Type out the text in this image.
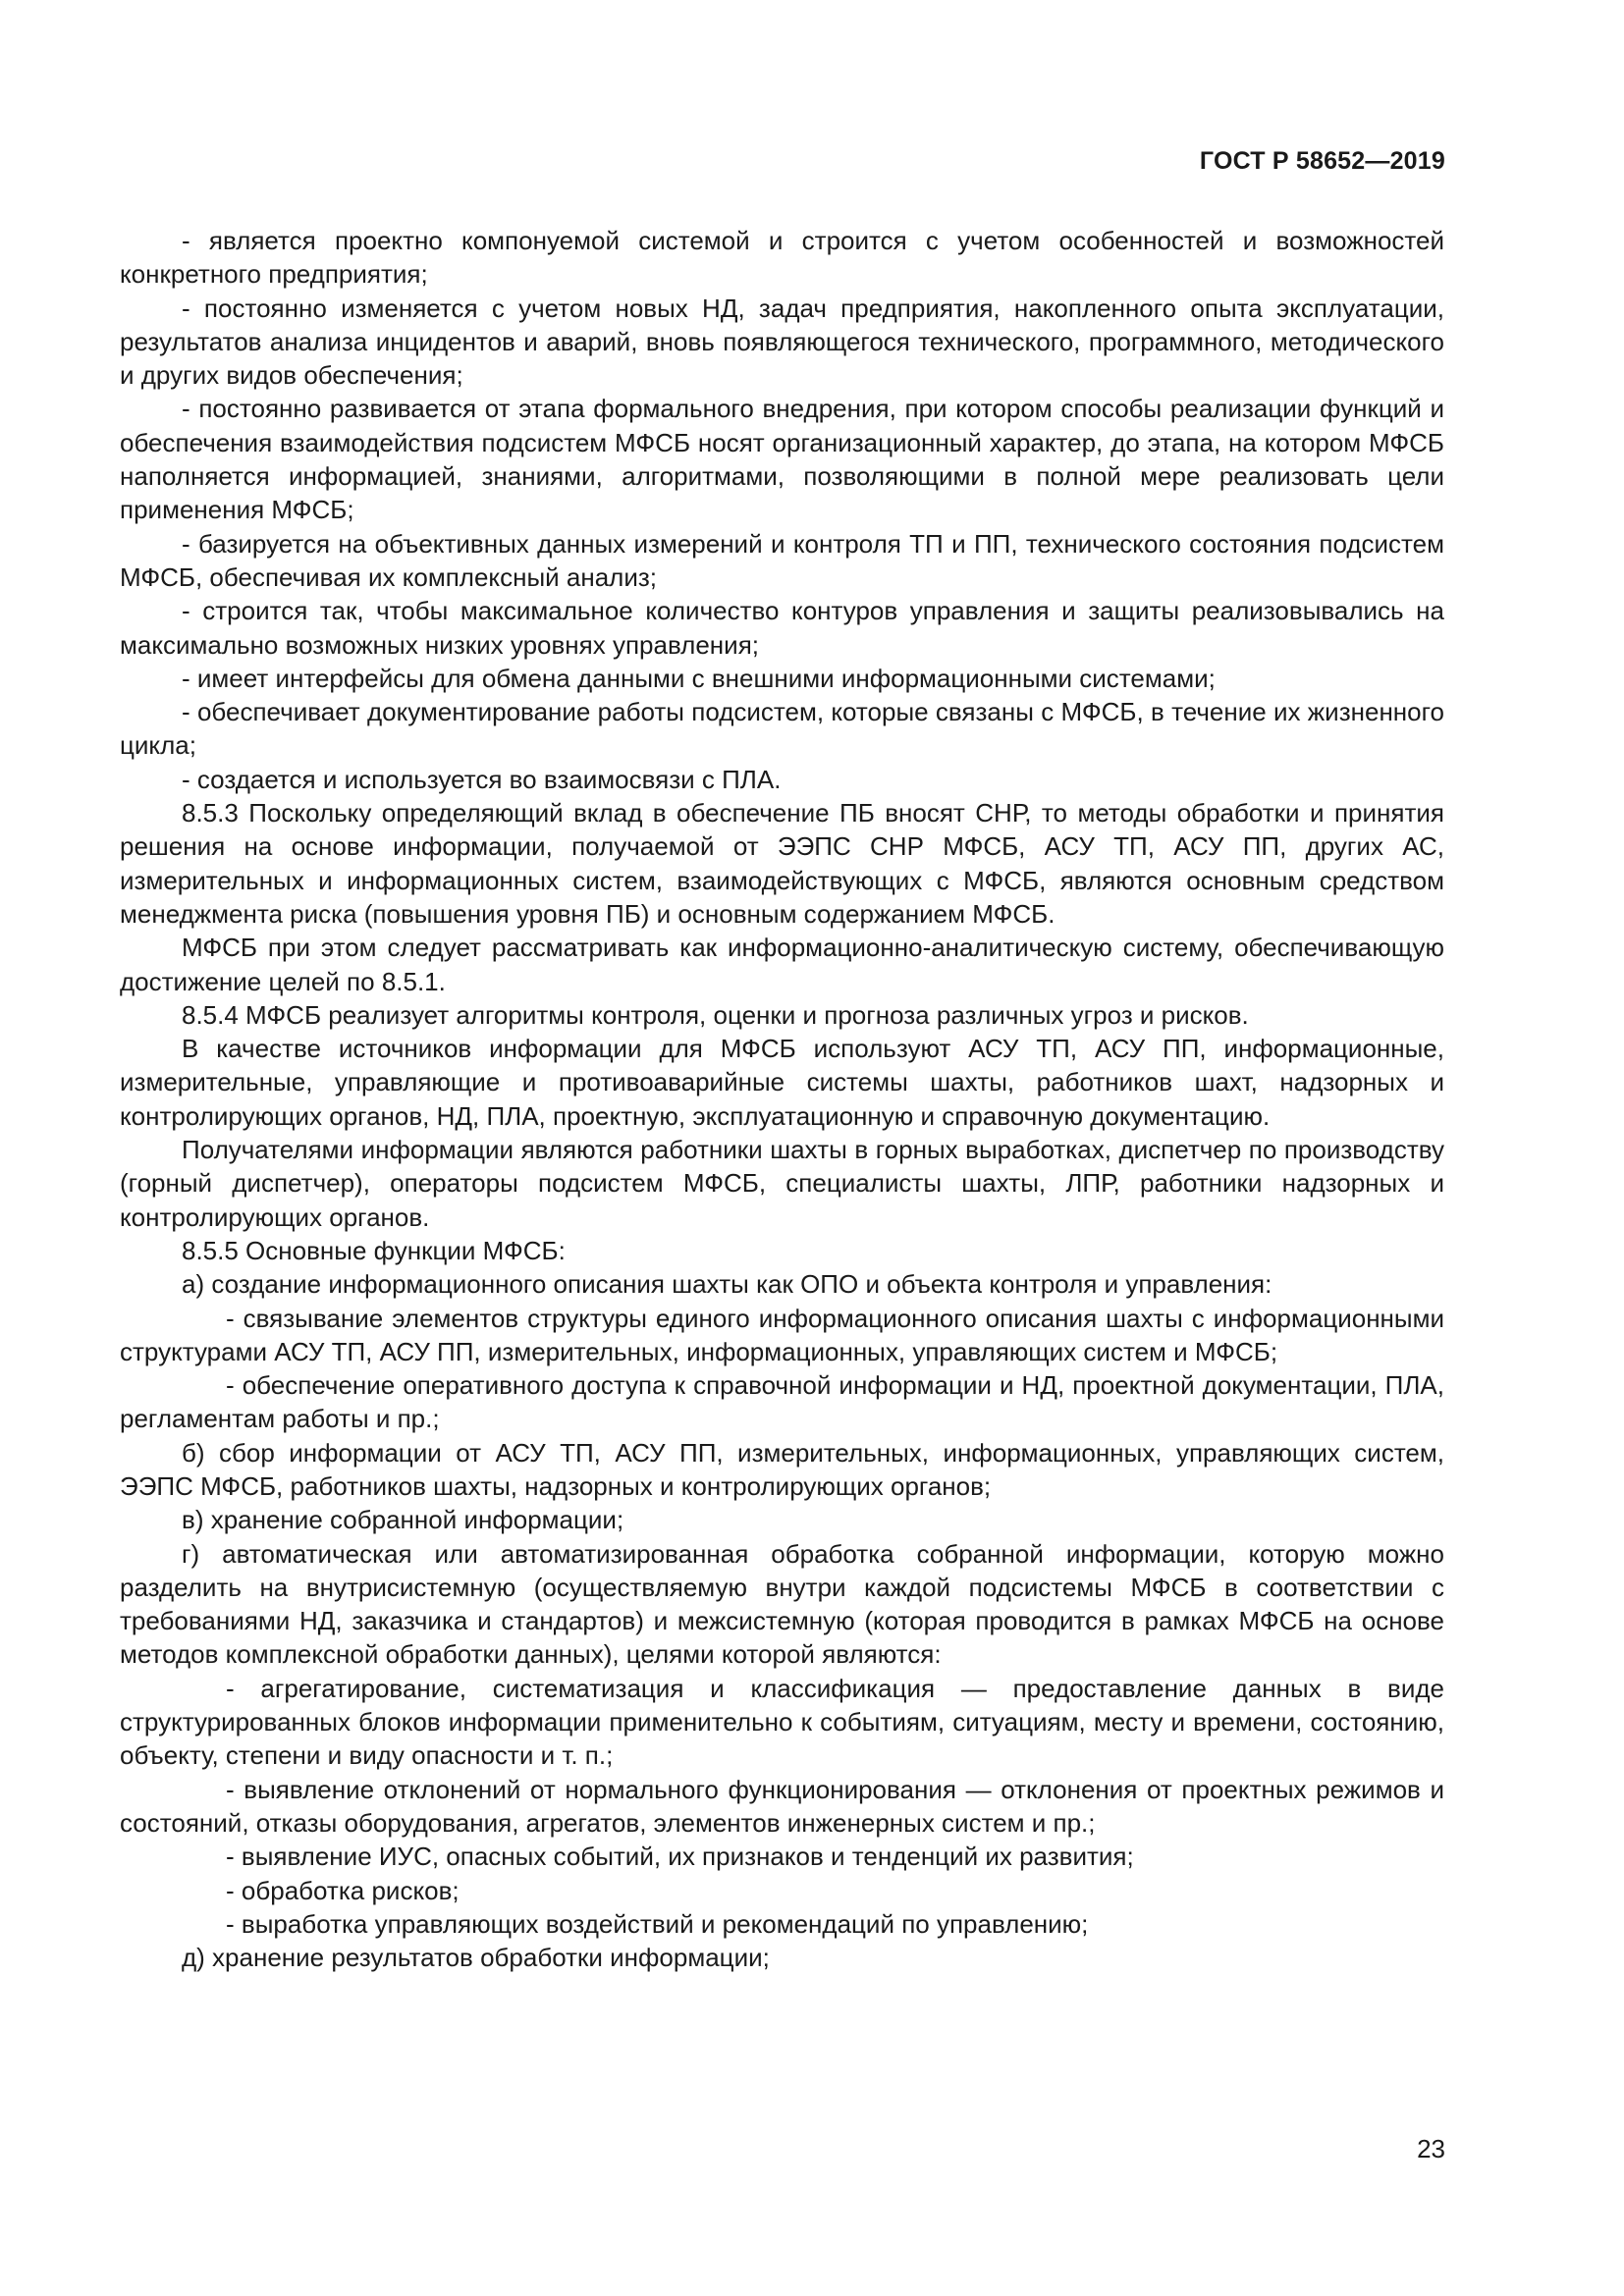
ГОСТ Р 58652—2019

- является проектно компонуемой системой и строится с учетом особенностей и возможностей конкретного предприятия;

- постоянно изменяется с учетом новых НД, задач предприятия, накопленного опыта эксплуатации, результатов анализа инцидентов и аварий, вновь появляющегося технического, программного, методического и других видов обеспечения;

- постоянно развивается от этапа формального внедрения, при котором способы реализации функций и обеспечения взаимодействия подсистем МФСБ носят организационный характер, до этапа, на котором МФСБ наполняется информацией, знаниями, алгоритмами, позволяющими в полной мере реализовать цели применения МФСБ;

- базируется на объективных данных измерений и контроля ТП и ПП, технического состояния подсистем МФСБ, обеспечивая их комплексный анализ;

- строится так, чтобы максимальное количество контуров управления и защиты реализовывались на максимально возможных низких уровнях управления;

- имеет интерфейсы для обмена данными с внешними информационными системами;

- обеспечивает документирование работы подсистем, которые связаны с МФСБ, в течение их жизненного цикла;

- создается и используется во взаимосвязи с ПЛА.

8.5.3 Поскольку определяющий вклад в обеспечение ПБ вносят СНР, то методы обработки и принятия решения на основе информации, получаемой от ЭЭПС СНР МФСБ, АСУ ТП, АСУ ПП, других АС, измерительных и информационных систем, взаимодействующих с МФСБ, являются основным средством менеджмента риска (повышения уровня ПБ) и основным содержанием МФСБ.

МФСБ при этом следует рассматривать как информационно-аналитическую систему, обеспечивающую достижение целей по 8.5.1.

8.5.4 МФСБ реализует алгоритмы контроля, оценки и прогноза различных угроз и рисков.

В качестве источников информации для МФСБ используют АСУ ТП, АСУ ПП, информационные, измерительные, управляющие и противоаварийные системы шахты, работников шахт, надзорных и контролирующих органов, НД, ПЛА, проектную, эксплуатационную и справочную документацию.

Получателями информации являются работники шахты в горных выработках, диспетчер по производству (горный диспетчер), операторы подсистем МФСБ, специалисты шахты, ЛПР, работники надзорных и контролирующих органов.

8.5.5 Основные функции МФСБ:

а) создание информационного описания шахты как ОПО и объекта контроля и управления:

- связывание элементов структуры единого информационного описания шахты с информационными структурами АСУ ТП, АСУ ПП, измерительных, информационных, управляющих систем и МФСБ;

- обеспечение оперативного доступа к справочной информации и НД, проектной документации, ПЛА, регламентам работы и пр.;

б) сбор информации от АСУ ТП, АСУ ПП, измерительных, информационных, управляющих систем, ЭЭПС МФСБ, работников шахты, надзорных и контролирующих органов;

в) хранение собранной информации;

г) автоматическая или автоматизированная обработка собранной информации, которую можно разделить на внутрисистемную (осуществляемую внутри каждой подсистемы МФСБ в соответствии с требованиями НД, заказчика и стандартов) и межсистемную (которая проводится в рамках МФСБ на основе методов комплексной обработки данных), целями которой являются:

- агрегатирование, систематизация и классификация — предоставление данных в виде структурированных блоков информации применительно к событиям, ситуациям, месту и времени, состоянию, объекту, степени и виду опасности и т. п.;

- выявление отклонений от нормального функционирования — отклонения от проектных режимов и состояний, отказы оборудования, агрегатов, элементов инженерных систем и пр.;

- выявление ИУС, опасных событий, их признаков и тенденций их развития;

- обработка рисков;

- выработка управляющих воздействий и рекомендаций по управлению;

д) хранение результатов обработки информации;

23
